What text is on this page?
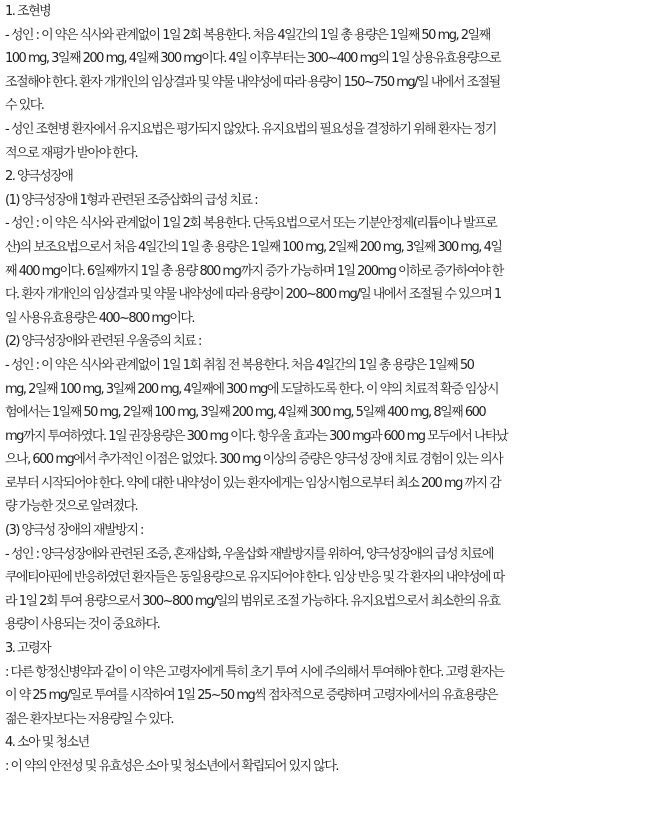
1. 조현병

- 성인 : 이 약은 식사와 관계없이 1일 2회 복용한다. 처음 4일간의 1일 총 용량은 1일째 50 mg, 2일째

100 mg, 3일째 200 mg, 4일째 300 mg이다. 4일 이후부터는 300~400 mg의 1일 상용유효용량으로

조절해야 한다. 환자 개개인의 임상결과 및 약물 내약성에 따라 용량이 150~750 mg/일 내에서 조절될

수 있다.

- 성인 조현병 환자에서 유지요법은 평가되지 않았다. 유지요법의 필요성을 결정하기 위해 환자는 정기

적으로 재평가 받아야 한다.

2. 양극성장애

(1) 양극성장애 1형과 관련된 조증삽화의 급성 치료 :

- 성인 : 이 약은 식사와 관계없이 1일 2회 복용한다. 단독요법으로서 또는 기분안정제(리튬이나 발프로

산)의 보조요법으로서 처음 4일간의 1일 총 용량은 1일째 100 mg, 2일째 200 mg, 3일째 300 mg, 4일

째 400 mg이다. 6일째까지 1일 총 용량 800 mg까지 증가 가능하며 1일 200mg 이하로 증가하여야 한

다. 환자 개개인의 임상결과 및 약물 내약성에 따라 용량이 200~800 mg/일 내에서 조절될 수 있으며 1

일 사용유효용량은 400~800 mg이다.

(2) 양극성장애와 관련된 우울증의 치료 :

- 성인 : 이 약은 식사와 관계없이 1일 1회 취침 전 복용한다. 처음 4일간의 1일 총 용량은 1일째 50

mg, 2일째 100 mg, 3일째 200 mg, 4일째에 300 mg에 도달하도록 한다. 이 약의 치료적 확증 임상시

험에서는 1일째 50 mg, 2일째 100 mg, 3일째 200 mg, 4일째 300 mg, 5일째 400 mg, 8일째 600

mg까지 투여하였다. 1일 권장용량은 300 mg 이다. 항우울 효과는 300 mg과 600 mg 모두에서 나타났

으나, 600 mg에서 추가적인 이점은 없었다. 300 mg 이상의 증량은 양극성 장애 치료 경험이 있는 의사

로부터 시작되어야 한다. 약에 대한 내약성이 있는 환자에게는 임상시험으로부터 최소 200 mg 까지 감

량 가능한 것으로 알려졌다.

(3) 양극성 장애의 재발방지 :

- 성인 : 양극성장애와 관련된 조증, 혼재삽화, 우울삽화 재발방지를 위하여, 양극성장애의 급성 치료에

쿠에티아핀에 반응하였던 환자들은 동일용량으로 유지되어야 한다. 임상 반응 및 각 환자의 내약성에 따

라 1일 2회 투여 용량으로서 300~800 mg/일의 범위로 조절 가능하다. 유지요법으로서 최소한의 유효

용량이 사용되는 것이 중요하다.

3. 고령자

: 다른 항정신병약과 같이 이 약은 고령자에게 특히 초기 투여 시에 주의해서 투여해야 한다. 고령 환자는

이 약 25 mg/일로 투여를 시작하여 1일 25~50 mg씩 점차적으로 증량하며 고령자에서의 유효용량은

젊은 환자보다는 저용량일 수 있다.

4. 소아 및 청소년

: 이 약의 안전성 및 유효성은 소아 및 청소년에서 확립되어 있지 않다.
